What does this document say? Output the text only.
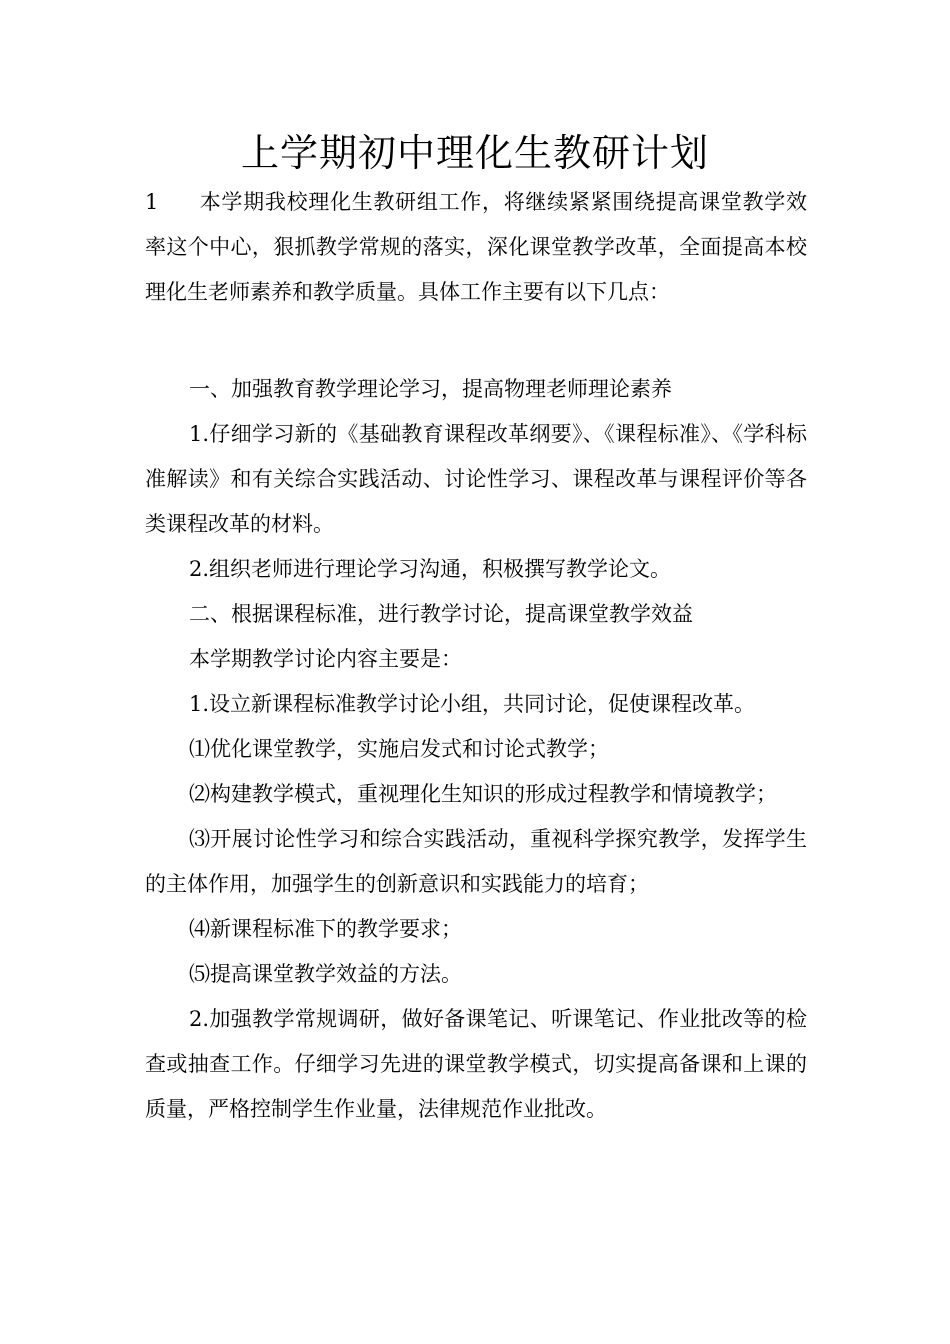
上学期初中理化生教研计划

1 本学期我校理化生教研组工作，将继续紧紧围绕提高课堂教学效率这个中心，狠抓教学常规的落实，深化课堂教学改革，全面提高本校理化生老师素养和教学质量。具体工作主要有以下几点：

一、加强教育教学理论学习，提高物理老师理论素养

1.仔细学习新的《基础教育课程改革纲要》、《课程标准》、《学科标准解读》和有关综合实践活动、讨论性学习、课程改革与课程评价等各类课程改革的材料。

2.组织老师进行理论学习沟通，积极撰写教学论文。

二、根据课程标准，进行教学讨论，提高课堂教学效益

本学期教学讨论内容主要是：

1.设立新课程标准教学讨论小组，共同讨论，促使课程改革。

⑴优化课堂教学，实施启发式和讨论式教学；

⑵构建教学模式，重视理化生知识的形成过程教学和情境教学；

⑶开展讨论性学习和综合实践活动，重视科学探究教学，发挥学生的主体作用，加强学生的创新意识和实践能力的培育；

⑷新课程标准下的教学要求；

⑸提高课堂教学效益的方法。

2.加强教学常规调研，做好备课笔记、听课笔记、作业批改等的检查或抽查工作。仔细学习先进的课堂教学模式，切实提高备课和上课的质量，严格控制学生作业量，法律规范作业批改。
